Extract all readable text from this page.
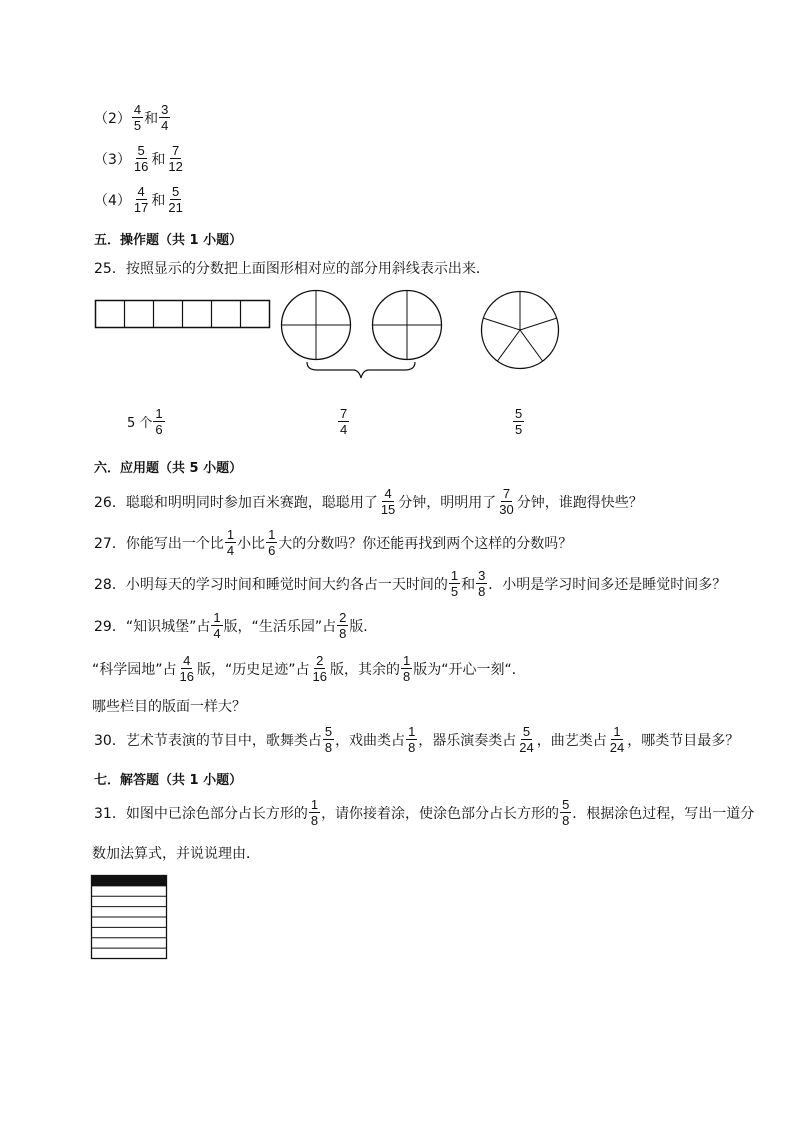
$(2) \frac{4}{5}$ 和 $\frac{3}{4}$
$(3) \frac{5}{16}$ 和 $\frac{7}{12}$
$(4) \frac{4}{17}$ 和 $\frac{5}{21}$
五．操作题（共 1 小题）
25．按照显示的分数把上面图形相对应的部分用斜线表示出来．
5 个 $\frac{1}{6}$	$\frac{7}{4}$	$\frac{5}{5}$
六．应用题（共 5 小题）
26．聪聪和明明同时参加百米赛跑，聪聪用了 $\frac{4}{15}$ 分钟，明明用了 $\frac{7}{30}$ 分钟，谁跑得快些？
27．你能写出一个比 $\frac{1}{4}$ 小比 $\frac{1}{6}$ 大的分数吗？你还能再找到两个这样的分数吗？
28．小明每天的学习时间和睡觉时间大约各占一天时间的 $\frac{1}{5}$ 和 $\frac{3}{8}$ ．小明是学习时间多还是睡觉时间多？
29．“知识城堡”占 $\frac{1}{4}$ 版，“生活乐园”占 $\frac{2}{8}$ 版．
“科学园地”占 $\frac{4}{16}$ 版，“历史足迹”占 $\frac{2}{16}$ 版，其余的 $\frac{1}{8}$ 版为“开心一刻“．
哪些栏目的版面一样大？
30．艺术节表演的节目中，歌舞类占 $\frac{5}{8}$ ，戏曲类占 $\frac{1}{8}$ ，器乐演奏类占 $\frac{5}{24}$ ，曲艺类占 $\frac{1}{24}$ ，哪类节目最多？
七．解答题（共 1 小题）
31．如图中已涂色部分占长方形的 $\frac{1}{8}$ ，请你接着涂，使涂色部分占长方形的 $\frac{5}{8}$ ．根据涂色过程，写出一道分
数加法算式，并说说理由．
